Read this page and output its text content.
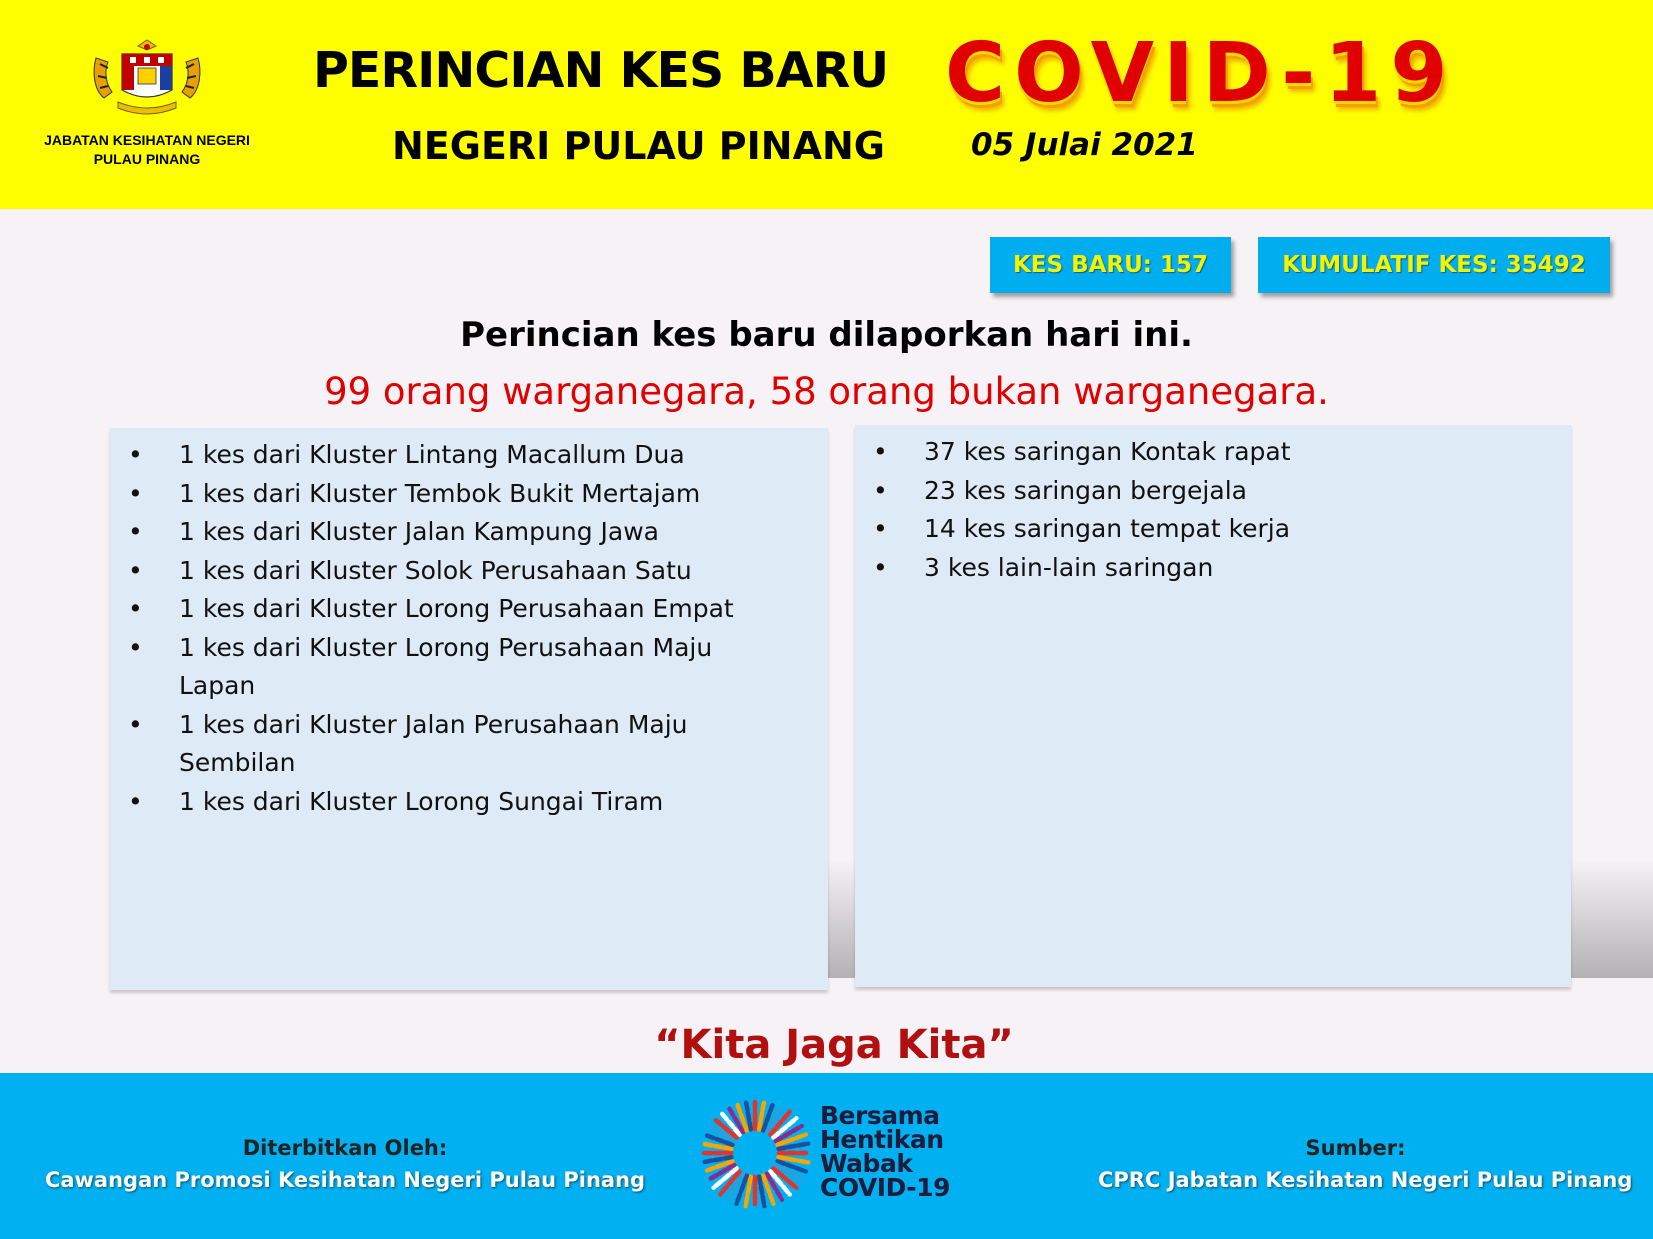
JABATAN KESIHATAN NEGERI
PULAU PINANG
PERINCIAN KES BARU COVID-19
NEGERI PULAU PINANG	05 Julai 2021
KES BARU: 157	KUMULATIF KES: 35492
Perincian kes baru dilaporkan hari ini.
99 orang warganegara, 58 orang bukan warganegara.
• 1 kes dari Kluster Lintang Macallum Dua
• 1 kes dari Kluster Tembok Bukit Mertajam
• 1 kes dari Kluster Jalan Kampung Jawa
• 1 kes dari Kluster Solok Perusahaan Satu
• 1 kes dari Kluster Lorong Perusahaan Empat
• 1 kes dari Kluster Lorong Perusahaan Maju Lapan
• 1 kes dari Kluster Jalan Perusahaan Maju Sembilan
• 1 kes dari Kluster Lorong Sungai Tiram
• 37 kes saringan Kontak rapat
• 23 kes saringan bergejala
• 14 kes saringan tempat kerja
• 3 kes lain-lain saringan
“Kita Jaga Kita”
Diterbitkan Oleh:
Cawangan Promosi Kesihatan Negeri Pulau Pinang
Bersama
Hentikan
Wabak
COVID-19
Sumber:
CPRC Jabatan Kesihatan Negeri Pulau Pinang
